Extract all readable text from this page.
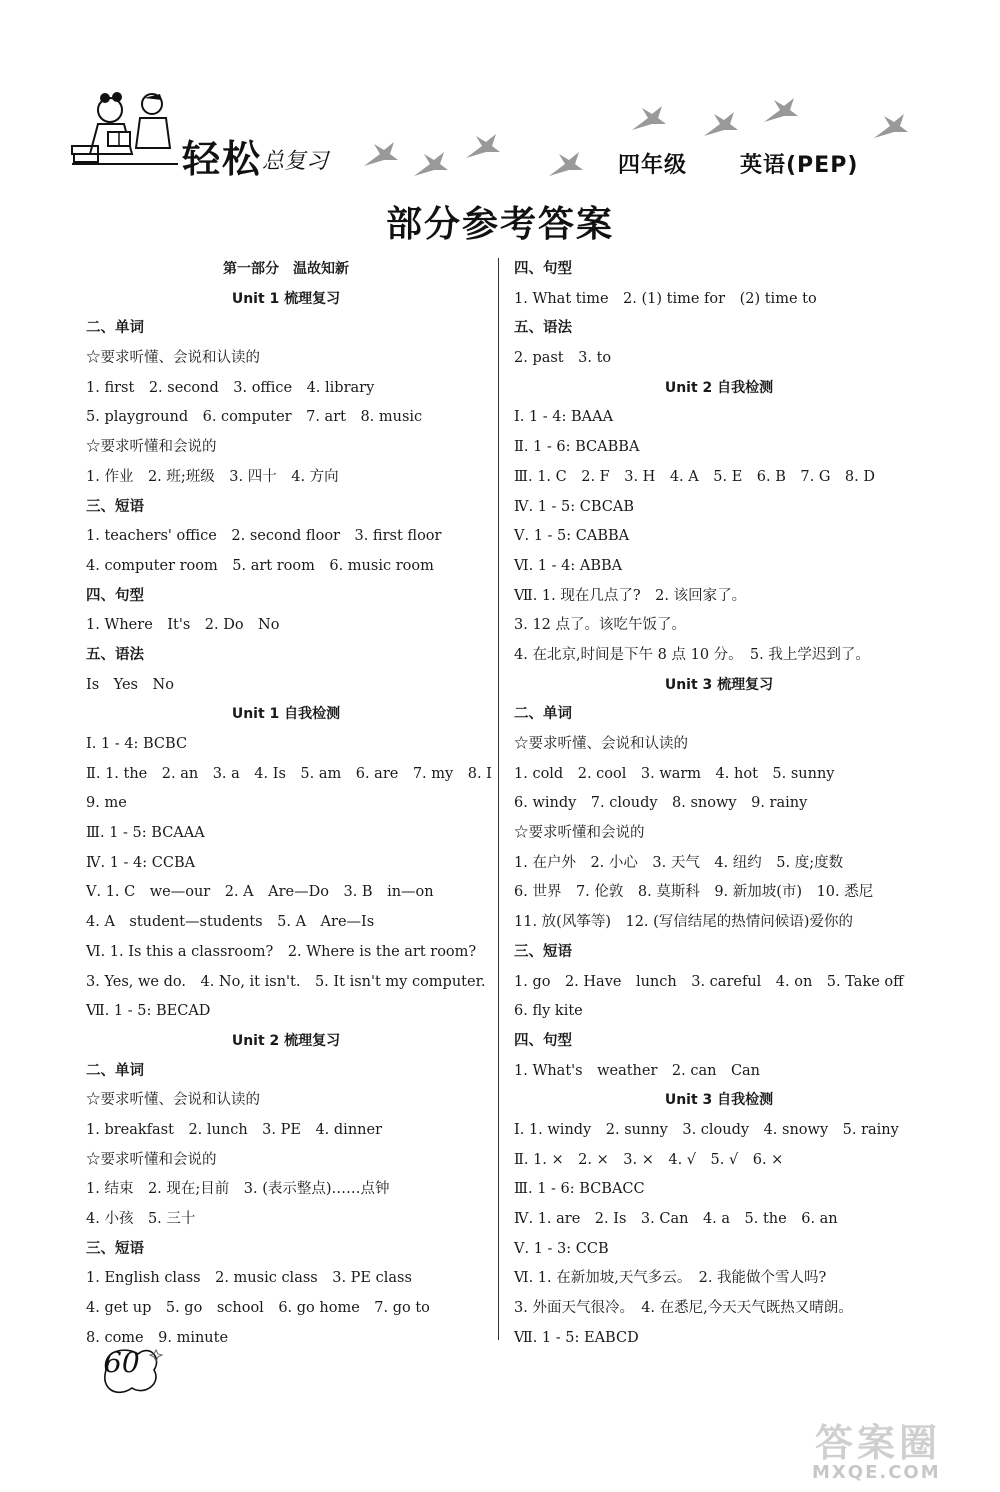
轻松 总复习	四年级 英语(PEP)
部分参考答案
第一部分　温故知新
Unit 1 梳理复习
二、单词
☆要求听懂、会说和认读的
1. first　2. second　3. office　4. library
5. playground　6. computer　7. art　8. music
☆要求听懂和会说的
1. 作业　2. 班;班级　3. 四十　4. 方向
三、短语
1. teachers' office　2. second floor　3. first floor
4. computer room　5. art room　6. music room
四、句型
1. Where　It's　2. Do　No
五、语法
Is　Yes　No
Unit 1 自我检测
Ⅰ. 1 - 4: BCBC
Ⅱ. 1. the　2. an　3. a　4. Is　5. am　6. are　7. my　8. I
9. me
Ⅲ. 1 - 5: BCAAA
Ⅳ. 1 - 4: CCBA
Ⅴ. 1. C　we—our　2. A　Are—Do　3. B　in—on
4. A　student—students　5. A　Are—Is
Ⅵ. 1. Is this a classroom?　2. Where is the art room?
3. Yes, we do.　4. No, it isn't.　5. It isn't my computer.
Ⅶ. 1 - 5: BECAD
Unit 2 梳理复习
二、单词
☆要求听懂、会说和认读的
1. breakfast　2. lunch　3. PE　4. dinner
☆要求听懂和会说的
1. 结束　2. 现在;目前　3. (表示整点)……点钟
4. 小孩　5. 三十
三、短语
1. English class　2. music class　3. PE class
4. get up　5. go　school　6. go home　7. go to
8. come　9. minute
四、句型
1. What time　2. (1) time for　(2) time to
五、语法
2. past　3. to
Unit 2 自我检测
Ⅰ. 1 - 4: BAAA
Ⅱ. 1 - 6: BCABBA
Ⅲ. 1. C　2. F　3. H　4. A　5. E　6. B　7. G　8. D
Ⅳ. 1 - 5: CBCAB
Ⅴ. 1 - 5: CABBA
Ⅵ. 1 - 4: ABBA
Ⅶ. 1. 现在几点了?　2. 该回家了。
3. 12 点了。该吃午饭了。
4. 在北京,时间是下午 8 点 10 分。　5. 我上学迟到了。
Unit 3 梳理复习
二、单词
☆要求听懂、会说和认读的
1. cold　2. cool　3. warm　4. hot　5. sunny
6. windy　7. cloudy　8. snowy　9. rainy
☆要求听懂和会说的
1. 在户外　2. 小心　3. 天气　4. 纽约　5. 度;度数
6. 世界　7. 伦敦　8. 莫斯科　9. 新加坡(市)　10. 悉尼
11. 放(风筝等)　12. (写信结尾的热情问候语)爱你的
三、短语
1. go　2. Have　lunch　3. careful　4. on　5. Take off
6. fly kite
四、句型
1. What's　weather　2. can　Can
Unit 3 自我检测
Ⅰ. 1. windy　2. sunny　3. cloudy　4. snowy　5. rainy
Ⅱ. 1. ×　2. ×　3. ×　4. √　5. √　6. ×
Ⅲ. 1 - 6: BCBACC
Ⅳ. 1. are　2. Is　3. Can　4. a　5. the　6. an
Ⅴ. 1 - 3: CCB
Ⅵ. 1. 在新加坡,天气多云。　2. 我能做个雪人吗?
3. 外面天气很冷。　4. 在悉尼,今天天气既热又晴朗。
Ⅶ. 1 - 5: EABCD
60
答案圈
MXQE.COM
